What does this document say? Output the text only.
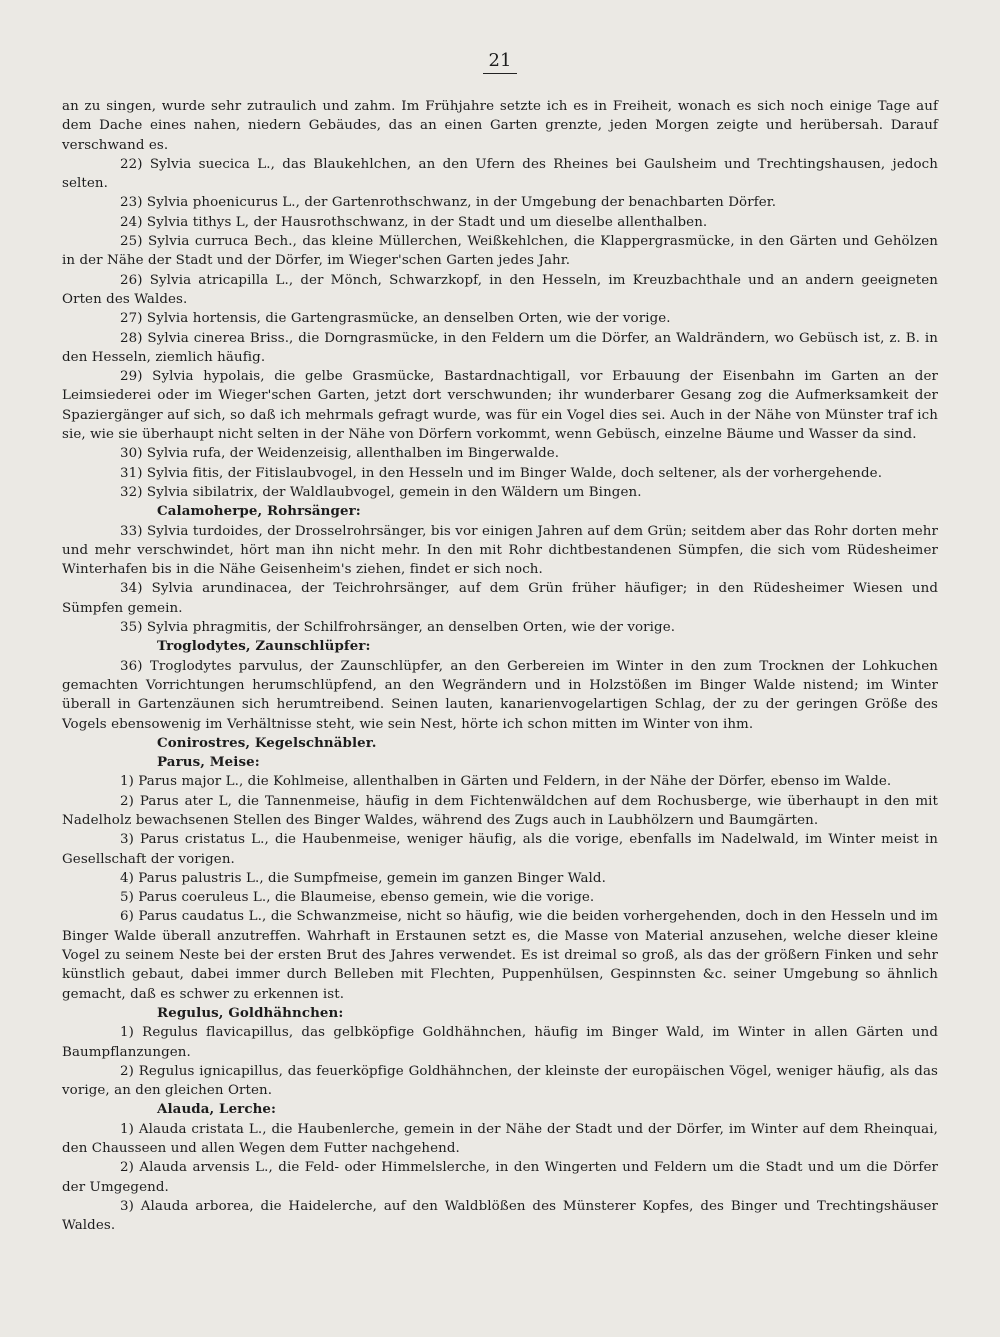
21

an zu singen, wurde sehr zutraulich und zahm. Im Frühjahre setzte ich es in Freiheit, wonach es sich noch einige Tage auf dem Dache eines nahen, niedern Gebäudes, das an einen Garten grenzte, jeden Morgen zeigte und herübersah. Darauf verschwand es.

22) Sylvia suecica L., das Blaukehlchen, an den Ufern des Rheines bei Gaulsheim und Trechtingshausen, jedoch selten.

23) Sylvia phoenicurus L., der Gartenrothschwanz, in der Umgebung der benachbarten Dörfer.

24) Sylvia tithys L, der Hausrothschwanz, in der Stadt und um dieselbe allenthalben.

25) Sylvia curruca Bech., das kleine Müllerchen, Weißkehlchen, die Klappergrasmücke, in den Gärten und Gehölzen in der Nähe der Stadt und der Dörfer, im Wieger'schen Garten jedes Jahr.

26) Sylvia atricapilla L., der Mönch, Schwarzkopf, in den Hesseln, im Kreuzbachthale und an andern geeigneten Orten des Waldes.

27) Sylvia hortensis, die Gartengrasmücke, an denselben Orten, wie der vorige.

28) Sylvia cinerea Briss., die Dorngrasmücke, in den Feldern um die Dörfer, an Waldrändern, wo Gebüsch ist, z. B. in den Hesseln, ziemlich häufig.

29) Sylvia hypolais, die gelbe Grasmücke, Bastardnachtigall, vor Erbauung der Eisenbahn im Garten an der Leimsiederei oder im Wieger'schen Garten, jetzt dort verschwunden; ihr wunderbarer Gesang zog die Aufmerksamkeit der Spaziergänger auf sich, so daß ich mehrmals gefragt wurde, was für ein Vogel dies sei. Auch in der Nähe von Münster traf ich sie, wie sie überhaupt nicht selten in der Nähe von Dörfern vorkommt, wenn Gebüsch, einzelne Bäume und Wasser da sind.

30) Sylvia rufa, der Weidenzeisig, allenthalben im Bingerwalde.

31) Sylvia fitis, der Fitislaubvogel, in den Hesseln und im Binger Walde, doch seltener, als der vorhergehende.

32) Sylvia sibilatrix, der Waldlaubvogel, gemein in den Wäldern um Bingen.

Calamoherpe, Rohrsänger:

33) Sylvia turdoides, der Drosselrohrsänger, bis vor einigen Jahren auf dem Grün; seitdem aber das Rohr dorten mehr und mehr verschwindet, hört man ihn nicht mehr. In den mit Rohr dichtbestandenen Sümpfen, die sich vom Rüdesheimer Winterhafen bis in die Nähe Geisenheim's ziehen, findet er sich noch.

34) Sylvia arundinacea, der Teichrohrsänger, auf dem Grün früher häufiger; in den Rüdesheimer Wiesen und Sümpfen gemein.

35) Sylvia phragmitis, der Schilfrohrsänger, an denselben Orten, wie der vorige.

Troglodytes, Zaunschlüpfer:

36) Troglodytes parvulus, der Zaunschlüpfer, an den Gerbereien im Winter in den zum Trocknen der Lohkuchen gemachten Vorrichtungen herumschlüpfend, an den Wegrändern und in Holzstößen im Binger Walde nistend; im Winter überall in Gartenzäunen sich herumtreibend. Seinen lauten, kanarienvogelartigen Schlag, der zu der geringen Größe des Vogels ebensowenig im Verhältnisse steht, wie sein Nest, hörte ich schon mitten im Winter von ihm.

Conirostres, Kegelschnäbler.

Parus, Meise:

1) Parus major L., die Kohlmeise, allenthalben in Gärten und Feldern, in der Nähe der Dörfer, ebenso im Walde.

2) Parus ater L, die Tannenmeise, häufig in dem Fichtenwäldchen auf dem Rochusberge, wie überhaupt in den mit Nadelholz bewachsenen Stellen des Binger Waldes, während des Zugs auch in Laubhölzern und Baumgärten.

3) Parus cristatus L., die Haubenmeise, weniger häufig, als die vorige, ebenfalls im Nadelwald, im Winter meist in Gesellschaft der vorigen.

4) Parus palustris L., die Sumpfmeise, gemein im ganzen Binger Wald.

5) Parus coeruleus L., die Blaumeise, ebenso gemein, wie die vorige.

6) Parus caudatus L., die Schwanzmeise, nicht so häufig, wie die beiden vorhergehenden, doch in den Hesseln und im Binger Walde überall anzutreffen. Wahrhaft in Erstaunen setzt es, die Masse von Material anzusehen, welche dieser kleine Vogel zu seinem Neste bei der ersten Brut des Jahres verwendet. Es ist dreimal so groß, als das der größern Finken und sehr künstlich gebaut, dabei immer durch Belleben mit Flechten, Puppenhülsen, Gespinnsten &c. seiner Umgebung so ähnlich gemacht, daß es schwer zu erkennen ist.

Regulus, Goldhähnchen:

1) Regulus flavicapillus, das gelbköpfige Goldhähnchen, häufig im Binger Wald, im Winter in allen Gärten und Baumpflanzungen.

2) Regulus ignicapillus, das feuerköpfige Goldhähnchen, der kleinste der europäischen Vögel, weniger häufig, als das vorige, an den gleichen Orten.

Alauda, Lerche:

1) Alauda cristata L., die Haubenlerche, gemein in der Nähe der Stadt und der Dörfer, im Winter auf dem Rheinquai, den Chausseen und allen Wegen dem Futter nachgehend.

2) Alauda arvensis L., die Feld- oder Himmelslerche, in den Wingerten und Feldern um die Stadt und um die Dörfer der Umgegend.

3) Alauda arborea, die Haidelerche, auf den Waldblößen des Münsterer Kopfes, des Binger und Trechtingshäuser Waldes.
